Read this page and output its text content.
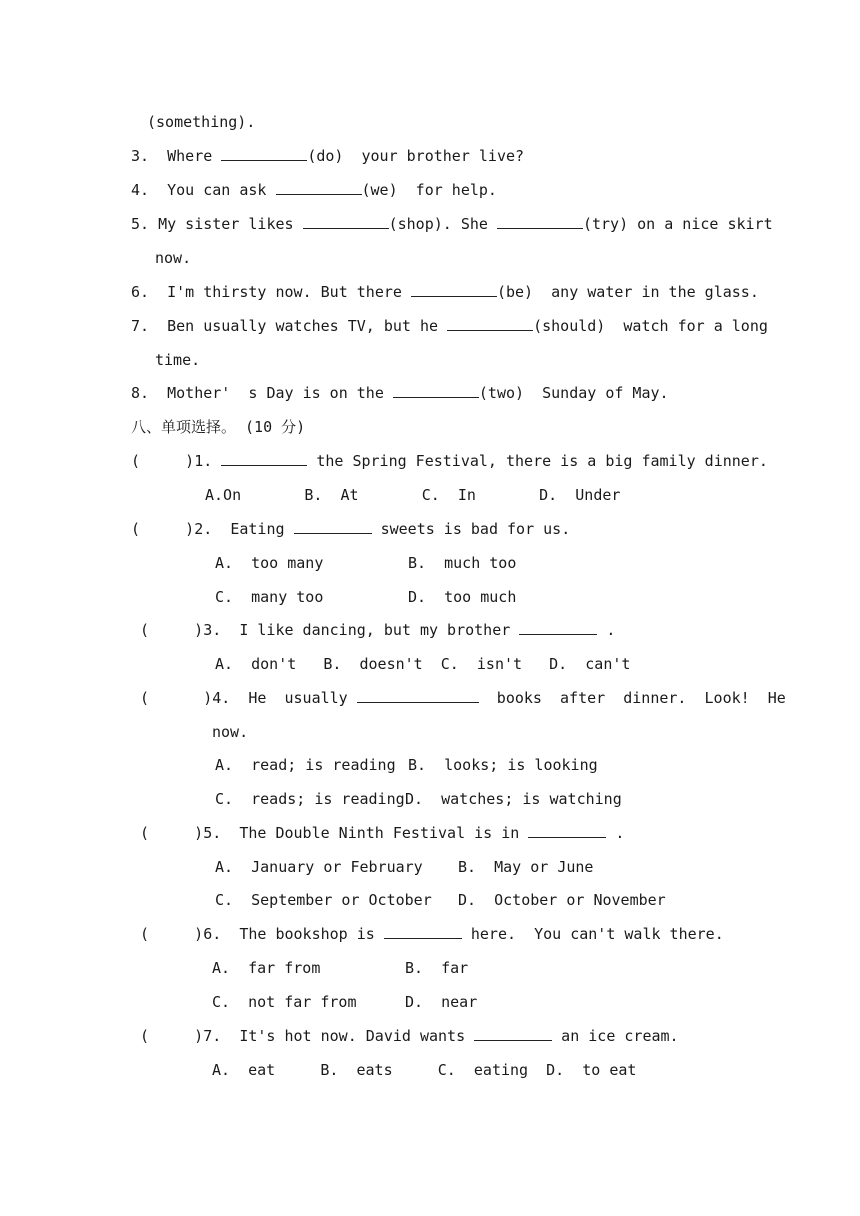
(something).
3.  Where	(do)  your brother live?
4.  You can ask	(we)  for help.
5. My sister likes	(shop). She	(try) on a nice skirt
now.
6.  I'm thirsty now. But there	(be)  any water in the glass.
7.  Ben usually watches TV, but he	(should)  watch for a long
time.
8.  Mother'  s Day is on the	(two)  Sunday of May.
八、单项选择。 (10 分)
(     )1.	the Spring Festival, there is a big family dinner.
A.On       B.  At       C.  In       D.  Under
(     )2.  Eating	sweets is bad for us.
A.  too many	B.  much too
C.  many too	D.  too much
(     )3.  I like dancing, but my brother	.
A.  don't   B.  doesn't  C.  isn't   D.  can't
(      )4.  He  usually	books  after  dinner.  Look!  He
now.
A.  read; is reading B.  looks; is looking
C.  reads; is reading D.  watches; is watching
(     )5.  The Double Ninth Festival is in	.
A.  January or February B.  May or June
C.  September or October D.  October or November
(     )6.  The bookshop is	here.  You can't walk there.
A.  far from	B.  far
C.  not far from	D.  near
(     )7.  It's hot now. David wants	an ice cream.
A.  eat     B.  eats     C.  eating  D.  to eat
